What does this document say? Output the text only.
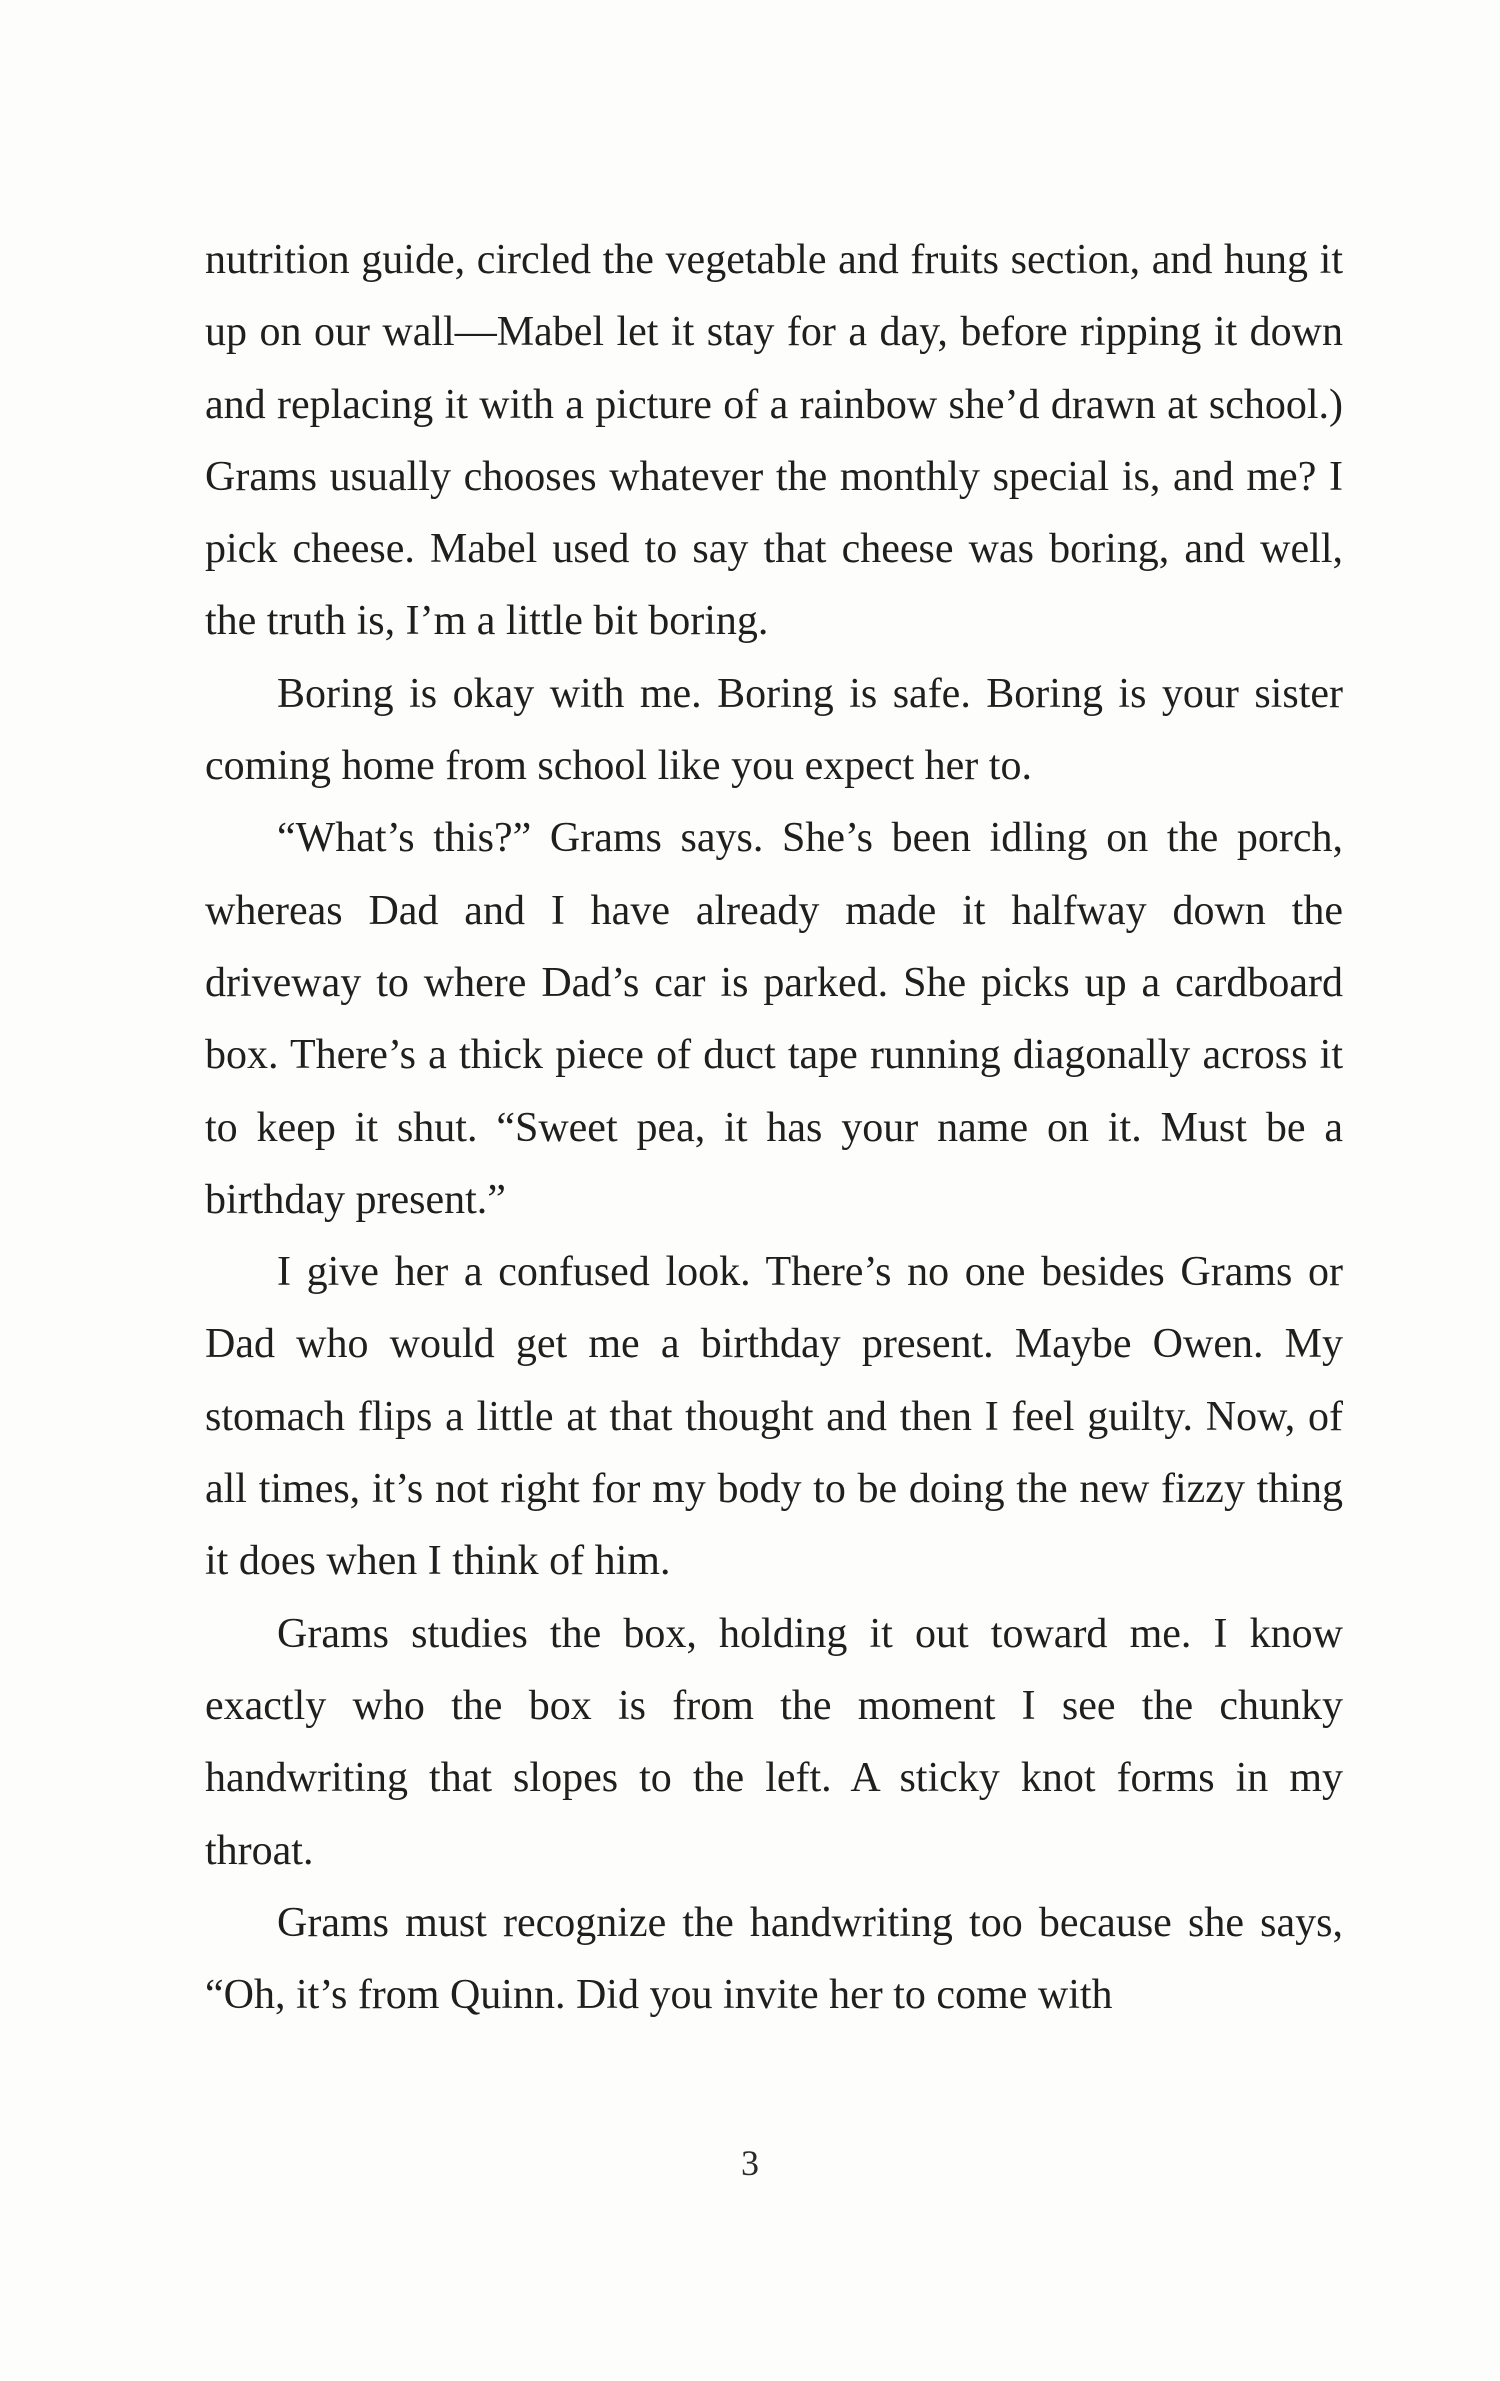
nutrition guide, circled the vegetable and fruits section, and hung it up on our wall—Mabel let it stay for a day, before ripping it down and replacing it with a picture of a rainbow she’d drawn at school.) Grams usually chooses whatever the monthly special is, and me? I pick cheese. Mabel used to say that cheese was boring, and well, the truth is, I’m a little bit boring.

Boring is okay with me. Boring is safe. Boring is your sister coming home from school like you expect her to.

“What’s this?” Grams says. She’s been idling on the porch, whereas Dad and I have already made it halfway down the driveway to where Dad’s car is parked. She picks up a cardboard box. There’s a thick piece of duct tape running diagonally across it to keep it shut. “Sweet pea, it has your name on it. Must be a birthday present.”

I give her a confused look. There’s no one besides Grams or Dad who would get me a birthday present. Maybe Owen. My stomach flips a little at that thought and then I feel guilty. Now, of all times, it’s not right for my body to be doing the new fizzy thing it does when I think of him.

Grams studies the box, holding it out toward me. I know exactly who the box is from the moment I see the chunky handwriting that slopes to the left. A sticky knot forms in my throat.

Grams must recognize the handwriting too because she says, “Oh, it’s from Quinn. Did you invite her to come with

3
